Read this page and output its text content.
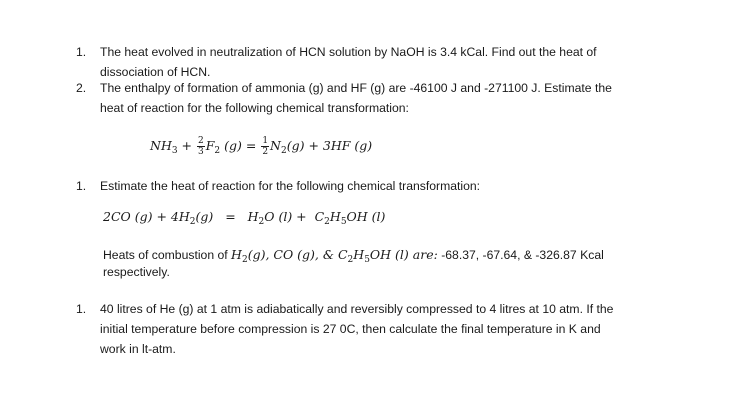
1. The heat evolved in neutralization of HCN solution by NaOH is 3.4 kCal. Find out the heat of
dissociation of HCN.
2. The enthalpy of formation of ammonia (g) and HF (g) are -46100 J and -271100 J. Estimate the
heat of reaction for the following chemical transformation:
$NH_3 + \frac{2}{3} F_2$ $(g) = \frac{1}{2} N_2(g) + 3HF$ (g)
1. Estimate the heat of reaction for the following chemical transformation:
2CO $(g) + 4H_2(g) = H_2O$ $(l) + C_2H_5OH$ (l)
Heats of combustion of $H_2(g)$, CO (g), & $C_2H_5OH$ (l) are: -68.37, -67.64, & -326.87 Kcal
respectively.
1. 40 litres of He (g) at 1 atm is adiabatically and reversibly compressed to 4 litres at 10 atm. If the
initial temperature before compression is 27 0C, then calculate the final temperature in K and
work in lt-atm.
